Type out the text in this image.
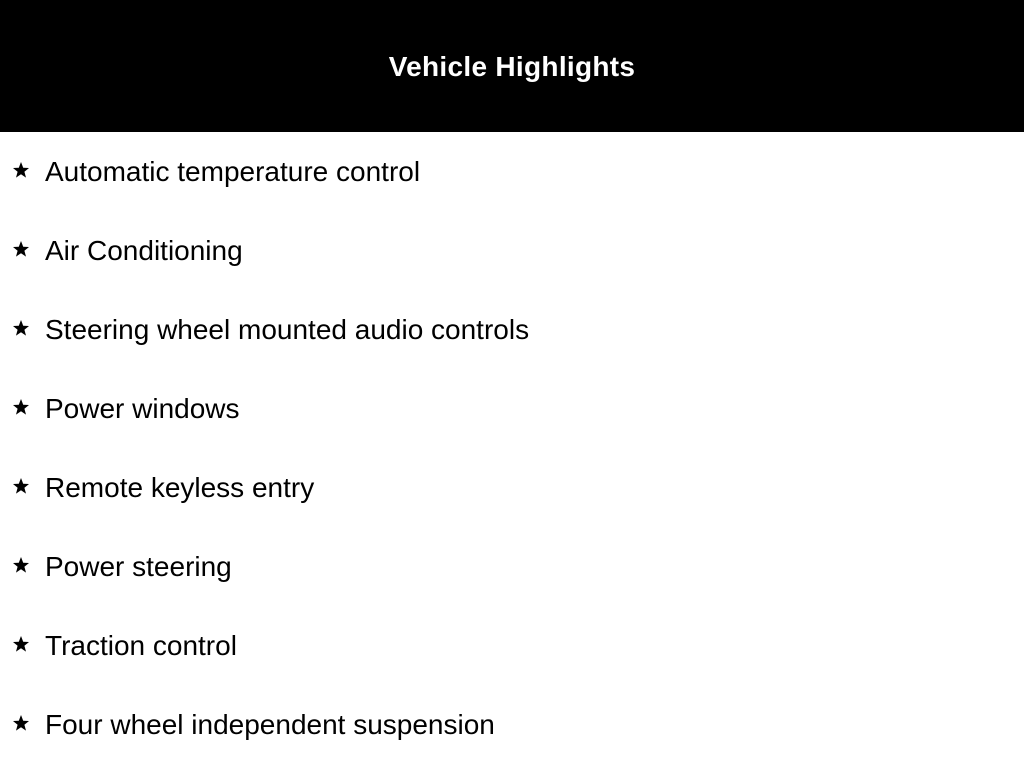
Vehicle Highlights
Automatic temperature control
Air Conditioning
Steering wheel mounted audio controls
Power windows
Remote keyless entry
Power steering
Traction control
Four wheel independent suspension
